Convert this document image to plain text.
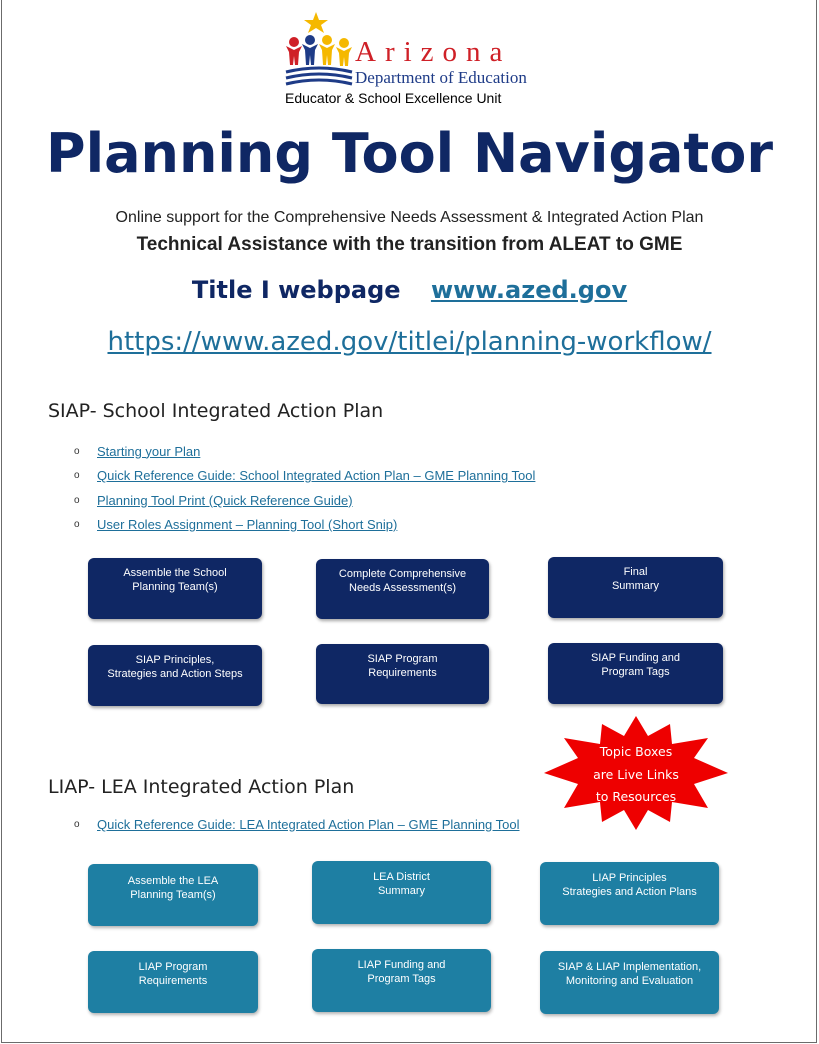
Arizona
Department of Education
Educator & School Excellence Unit
Planning Tool Navigator
Online support for the Comprehensive Needs Assessment & Integrated Action Plan
Technical Assistance with the transition from ALEAT to GME
Title I webpage www.azed.gov
https://www.azed.gov/titlei/planning-workflow/
SIAP- School Integrated Action Plan
o	Starting your Plan
o	Quick Reference Guide: School Integrated Action Plan – GME Planning Tool
o	Planning Tool Print (Quick Reference Guide)
o	User Roles Assignment – Planning Tool (Short Snip)
Assemble the School
Planning Team(s)
Complete Comprehensive
Needs Assessment(s)
Final
Summary
SIAP Principles,
Strategies and Action Steps
SIAP Program
Requirements
SIAP Funding and
Program Tags
Topic Boxes
are Live Links
to Resources
LIAP- LEA Integrated Action Plan
o	Quick Reference Guide: LEA Integrated Action Plan – GME Planning Tool
Assemble the LEA
Planning Team(s)
LEA District
Summary
LIAP Principles
Strategies and Action Plans
LIAP Program
Requirements
LIAP Funding and
Program Tags
SIAP & LIAP Implementation,
Monitoring and Evaluation
